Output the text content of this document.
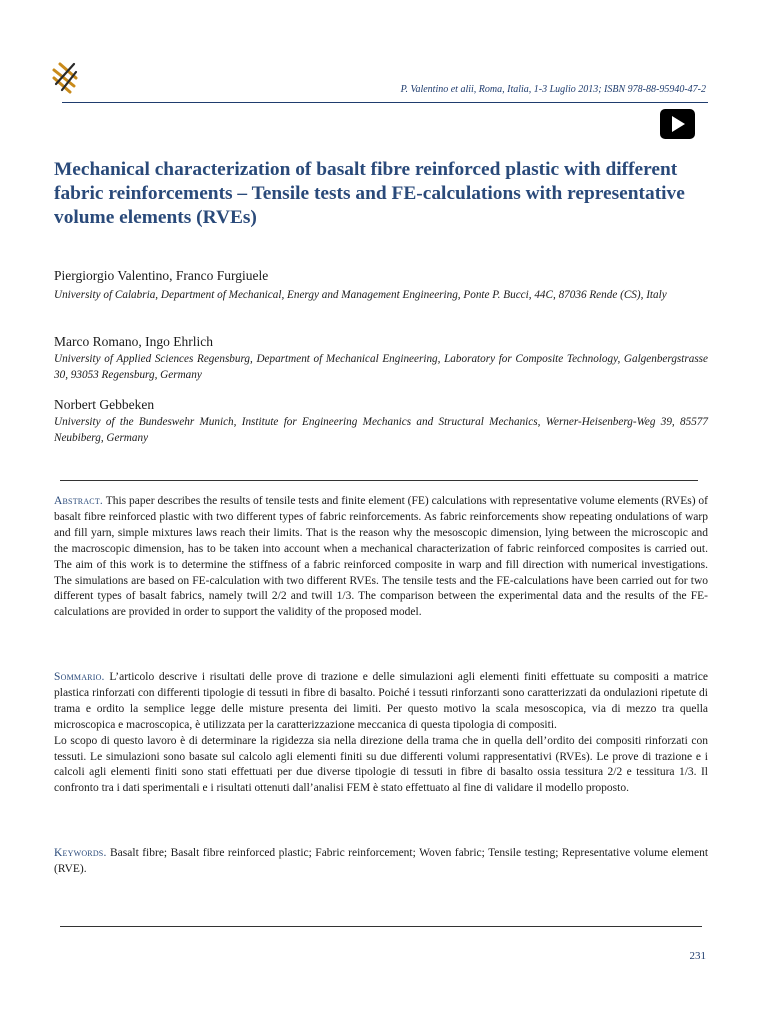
P. Valentino et alii, Roma, Italia, 1-3 Luglio 2013; ISBN 978-88-95940-47-2
Mechanical characterization of basalt fibre reinforced plastic with different fabric reinforcements – Tensile tests and FE-calculations with representative volume elements (RVEs)
Piergiorgio Valentino, Franco Furgiuele
University of Calabria, Department of Mechanical, Energy and Management Engineering, Ponte P. Bucci, 44C, 87036 Rende (CS), Italy
Marco Romano, Ingo Ehrlich
University of Applied Sciences Regensburg, Department of Mechanical Engineering, Laboratory for Composite Technology, Galgenbergstrasse 30, 93053 Regensburg, Germany
Norbert Gebbeken
University of the Bundeswehr Munich, Institute for Engineering Mechanics and Structural Mechanics, Werner-Heisenberg-Weg 39, 85577 Neubiberg, Germany
Abstract. This paper describes the results of tensile tests and finite element (FE) calculations with representative volume elements (RVEs) of basalt fibre reinforced plastic with two different types of fabric reinforcements. As fabric reinforcements show repeating ondulations of warp and fill yarn, simple mixtures laws reach their limits. That is the reason why the mesoscopic dimension, lying between the microscopic and the macroscopic dimension, has to be taken into account when a mechanical characterization of fabric reinforced composites is carried out. The aim of this work is to determine the stiffness of a fabric reinforced composite in warp and fill direction with numerical investigations. The simulations are based on FE-calculation with two different RVEs. The tensile tests and the FE-calculations have been carried out for two different types of basalt fabrics, namely twill 2/2 and twill 1/3. The comparison between the experimental data and the results of the FE-calculations are provided in order to support the validity of the proposed model.
Sommario. L’articolo descrive i risultati delle prove di trazione e delle simulazioni agli elementi finiti effettuate su compositi a matrice plastica rinforzati con differenti tipologie di tessuti in fibre di basalto. Poiché i tessuti rinforzanti sono caratterizzati da ondulazioni ripetute di trama e ordito la semplice legge delle misture presenta dei limiti. Per questo motivo la scala mesoscopica, via di mezzo tra quella microscopica e macroscopica, è utilizzata per la caratterizzazione meccanica di questa tipologia di compositi.
Lo scopo di questo lavoro è di determinare la rigidezza sia nella direzione della trama che in quella dell’ordito dei compositi rinforzati con tessuti. Le simulazioni sono basate sul calcolo agli elementi finiti su due differenti volumi rappresentativi (RVEs). Le prove di trazione e i calcoli agli elementi finiti sono stati effettuati per due diverse tipologie di tessuti in fibre di basalto ossia tessitura 2/2 e tessitura 1/3. Il confronto tra i dati sperimentali e i risultati ottenuti dall’analisi FEM è stato effettuato al fine di validare il modello proposto.
Keywords. Basalt fibre; Basalt fibre reinforced plastic; Fabric reinforcement; Woven fabric; Tensile testing; Representative volume element (RVE).
231
